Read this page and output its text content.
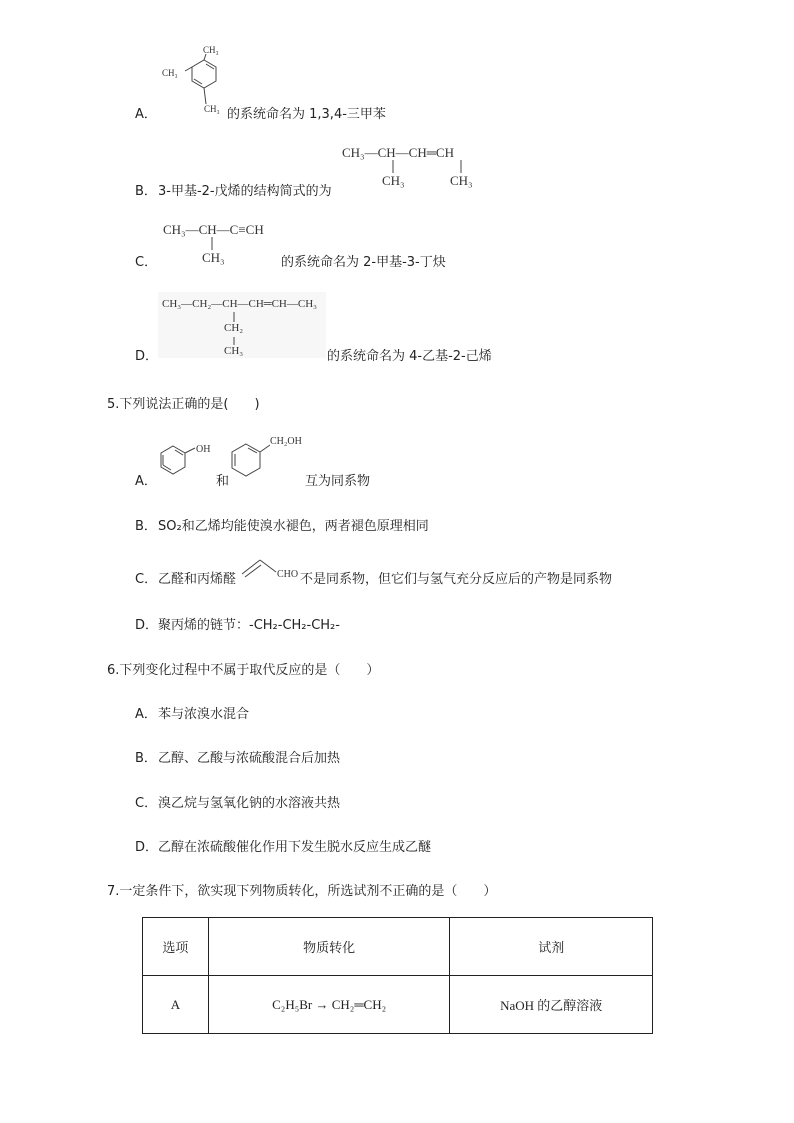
A．
CH₃
CH₃
CH₃ 的系统命名为 1,3,4-三甲苯
CH₃—CH—CH═CH
CH₃	CH₃
B． 3-甲基-2-戊烯的结构简式的为
CH₃—CH—C≡CH
CH₃
C．	的系统命名为 2-甲基-3-丁炔
CH₃—CH₂—CH—CH═CH—CH₃
CH₂
CH₃
D．	的系统命名为 4-乙基-2-己烯
5.下列说法正确的是(　　)
A．
OH
和
CH₂OH
互为同系物
B． SO₂和乙烯均能使溴水褪色，两者褪色原理相同
C． 乙醛和丙烯醛	CHO 不是同系物，但它们与氢气充分反应后的产物是同系物
D． 聚丙烯的链节：-CH₂-CH₂-CH₂-
6.下列变化过程中不属于取代反应的是（　　）
A． 苯与浓溴水混合
B． 乙醇、乙酸与浓硫酸混合后加热
C． 溴乙烷与氢氧化钠的水溶液共热
D． 乙醇在浓硫酸催化作用下发生脱水反应生成乙醚
7.一定条件下，欲实现下列物质转化，所选试剂不正确的是（　　）
选项	物质转化	试剂
A	C₂H₅Br → CH₂═CH₂	NaOH 的乙醇溶液
